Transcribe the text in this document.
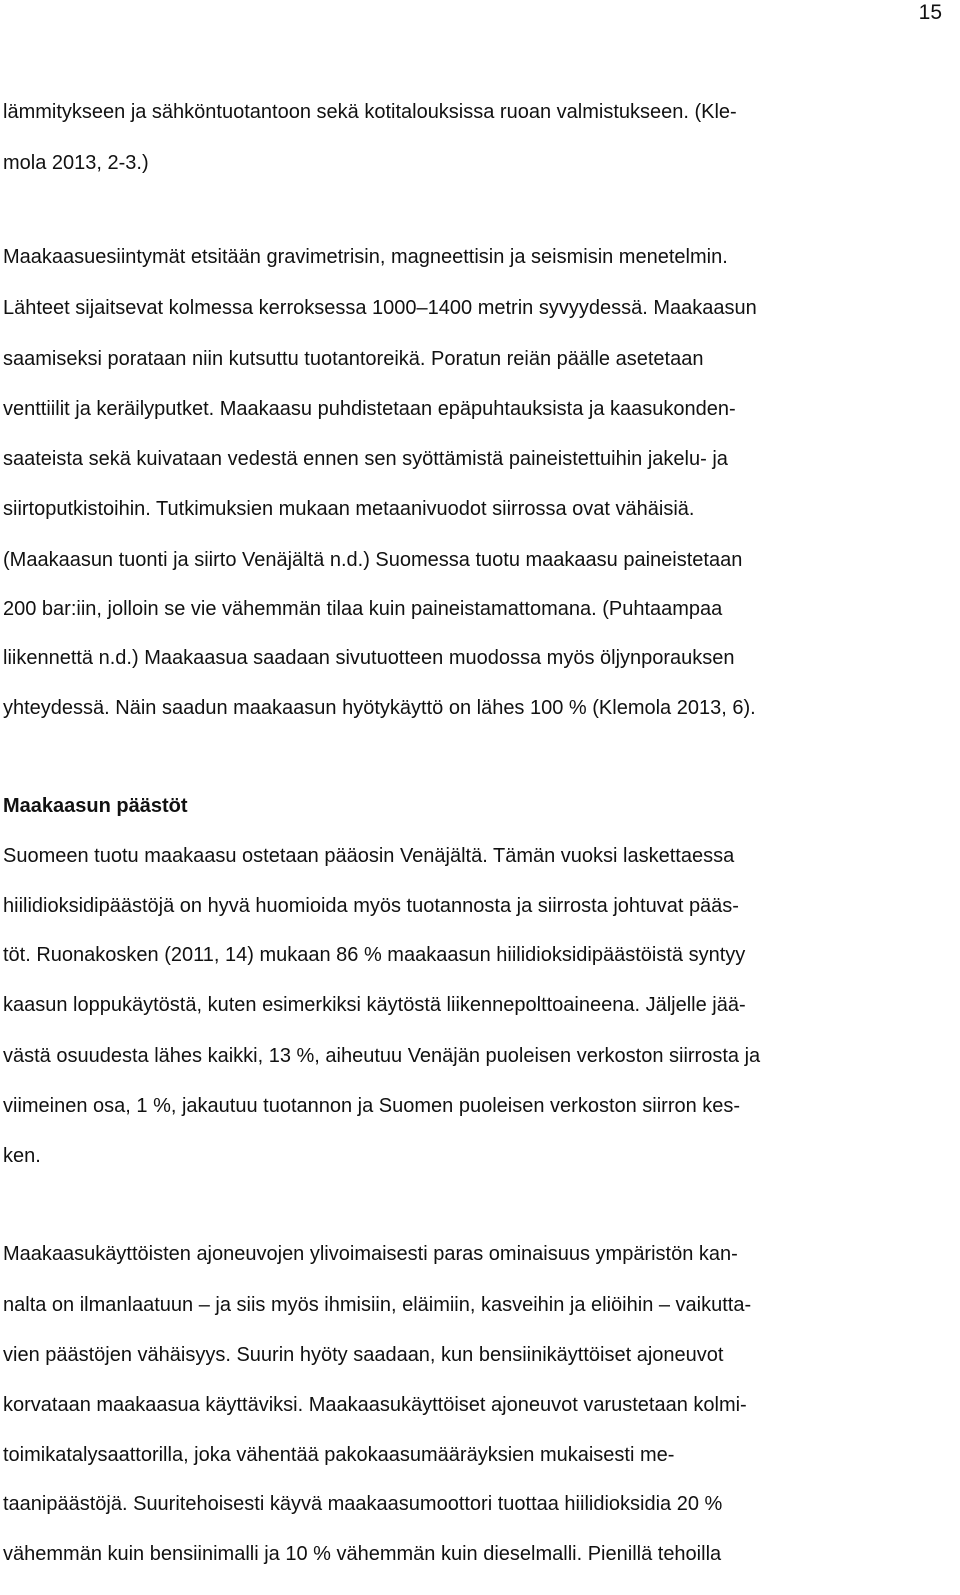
15
lämmitykseen ja sähköntuotantoon sekä kotitalouksissa ruoan valmistukseen. (Kle-
mola 2013, 2-3.)
Maakaasuesiintymät etsitään gravimetrisin, magneettisin ja seismisin menetelmin.
Lähteet sijaitsevat kolmessa kerroksessa 1000–1400 metrin syvyydessä. Maakaasun
saamiseksi porataan niin kutsuttu tuotantoreikä. Poratun reiän päälle asetetaan
venttiilit ja keräilyputket. Maakaasu puhdistetaan epäpuhtauksista ja kaasukonden-
saateista sekä kuivataan vedestä ennen sen syöttämistä paineistettuihin jakelu- ja
siirtoputkistoihin. Tutkimuksien mukaan metaanivuodot siirrossa ovat vähäisiä.
(Maakaasun tuonti ja siirto Venäjältä n.d.) Suomessa tuotu maakaasu paineistetaan
200 bar:iin, jolloin se vie vähemmän tilaa kuin paineistamattomana. (Puhtaampaa
liikennettä n.d.) Maakaasua saadaan sivutuotteen muodossa myös öljynporauksen
yhteydessä. Näin saadun maakaasun hyötykäyttö on lähes 100 % (Klemola 2013, 6).
Maakaasun päästöt
Suomeen tuotu maakaasu ostetaan pääosin Venäjältä. Tämän vuoksi laskettaessa
hiilidioksidipäästöjä on hyvä huomioida myös tuotannosta ja siirrosta johtuvat pääs-
töt. Ruonakosken (2011, 14) mukaan 86 % maakaasun hiilidioksidipäästöistä syntyy
kaasun loppukäytöstä, kuten esimerkiksi käytöstä liikennepolttoaineena. Jäljelle jää-
västä osuudesta lähes kaikki, 13 %, aiheutuu Venäjän puoleisen verkoston siirrosta ja
viimeinen osa, 1 %, jakautuu tuotannon ja Suomen puoleisen verkoston siirron kes-
ken.
Maakaasukäyttöisten ajoneuvojen ylivoimaisesti paras ominaisuus ympäristön kan-
nalta on ilmanlaatuun – ja siis myös ihmisiin, eläimiin, kasveihin ja eliöihin – vaikutta-
vien päästöjen vähäisyys. Suurin hyöty saadaan, kun bensiinikäyttöiset ajoneuvot
korvataan maakaasua käyttäviksi. Maakaasukäyttöiset ajoneuvot varustetaan kolmi-
toimikatalysaattorilla, joka vähentää pakokaasumääräyksien mukaisesti me-
taanipäästöjä. Suuritehoisesti käyvä maakaasumoottori tuottaa hiilidioksidia 20 %
vähemmän kuin bensiinimalli ja 10 % vähemmän kuin dieselmalli. Pienillä tehoilla
